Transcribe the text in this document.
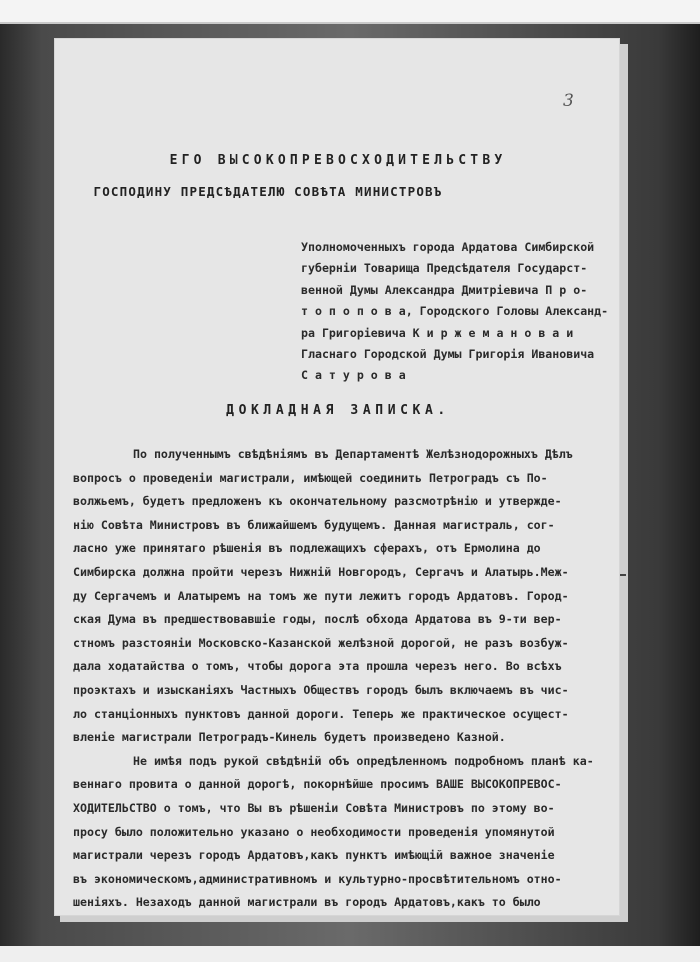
3
ЕГО ВЫСОКОПРЕВОСХОДИТЕЛЬСТВУ
ГОСПОДИНУ ПРЕДСѢДАТЕЛЮ СОВѢТА МИНИСТРОВЪ
Уполномоченныхъ города Ардатова Симбирской
губернiи Товарища Предсѣдателя Государст-
венной Думы Александра Дмитрiевича П р о-
т о п о п о в а, Городского Головы Александ-
ра Григорiевича К и р ж е м а н о в а и
Гласнаго Городской Думы Григорiя Ивановича
С а т у р о в а
ДОКЛАДНАЯ ЗАПИСКА.
По полученнымъ свѣдѣнiямъ въ Департаментѣ Желѣзнодорожныхъ Дѣлъ
вопросъ о проведенiи магистрали, имѣющей соединить Петроградъ съ По-
волжьемъ, будетъ предложенъ къ окончательному разсмотрѣнiю и утвержде-
нiю Совѣта Министровъ въ ближайшемъ будущемъ. Данная магистраль, сог-
ласно уже принятаго рѣшенiя въ подлежащихъ сферахъ, отъ Ермолина до
Симбирска должна пройти черезъ Нижнiй Новгородъ, Сергачъ и Алатырь.Меж-
ду Сергачемъ и Алатыремъ на томъ же пути лежитъ городъ Ардатовъ. Город-
ская Дума въ предшествовавшiе годы, послѣ обхода Ардатова въ 9-ти вер-
стномъ разстоянiи Московско-Казанской желѣзной дорогой, не разъ возбуж-
дала ходатайства о томъ, чтобы дорога эта прошла черезъ него. Во всѣхъ
проэктахъ и изысканiяхъ Частныхъ Обществъ городъ былъ включаемъ въ чис-
ло станцiонныхъ пунктовъ данной дороги. Теперь же практическое осущест-
вленiе магистрали Петроградъ-Кинель будетъ произведено Казной.
Не имѣя подъ рукой свѣдѣнiй объ опредѣленномъ подробномъ планѣ ка-
веннаго провита о данной дорогѣ, покорнѣйше просимъ ВАШЕ ВЫСОКОПРЕВОС-
ХОДИТЕЛЬСТВО о томъ, что Вы въ рѣшенiи Совѣта Министровъ по этому во-
просу было положительно указано о необходимости проведенiя упомянутой
магистрали черезъ городъ Ардатовъ,какъ пунктъ имѣющiй важное значенiе
въ экономическомъ,административномъ и культурно-просвѣтительномъ отно-
шенiяхъ. Незаходъ данной магистрали въ городъ Ардатовъ,какъ то было
